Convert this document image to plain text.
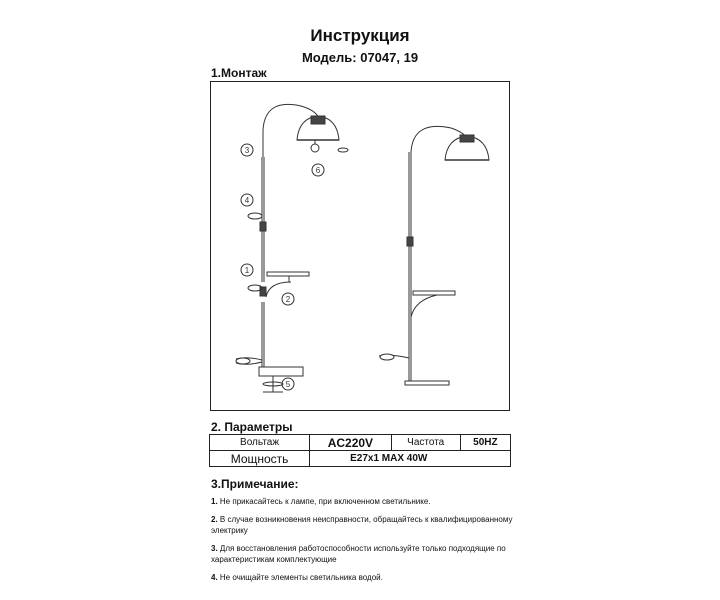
Инструкция
Модель: 07047, 19
1.Монтаж
1
2
3
4
5
6
2. Параметры
Вольтаж	AC220V	Частота	50HZ
Мощность	E27x1 MAX 40W		
3.Примечание:

1. Не прикасайтесь к лампе, при включенном светильнике.

2. В случае возникновения неисправности, обращайтесь к квалифицированному электрику

3. Для восстановления работоспособности используйте только подходящие по характеристикам комплектующие

4. Не очищайте элементы светильника водой.
